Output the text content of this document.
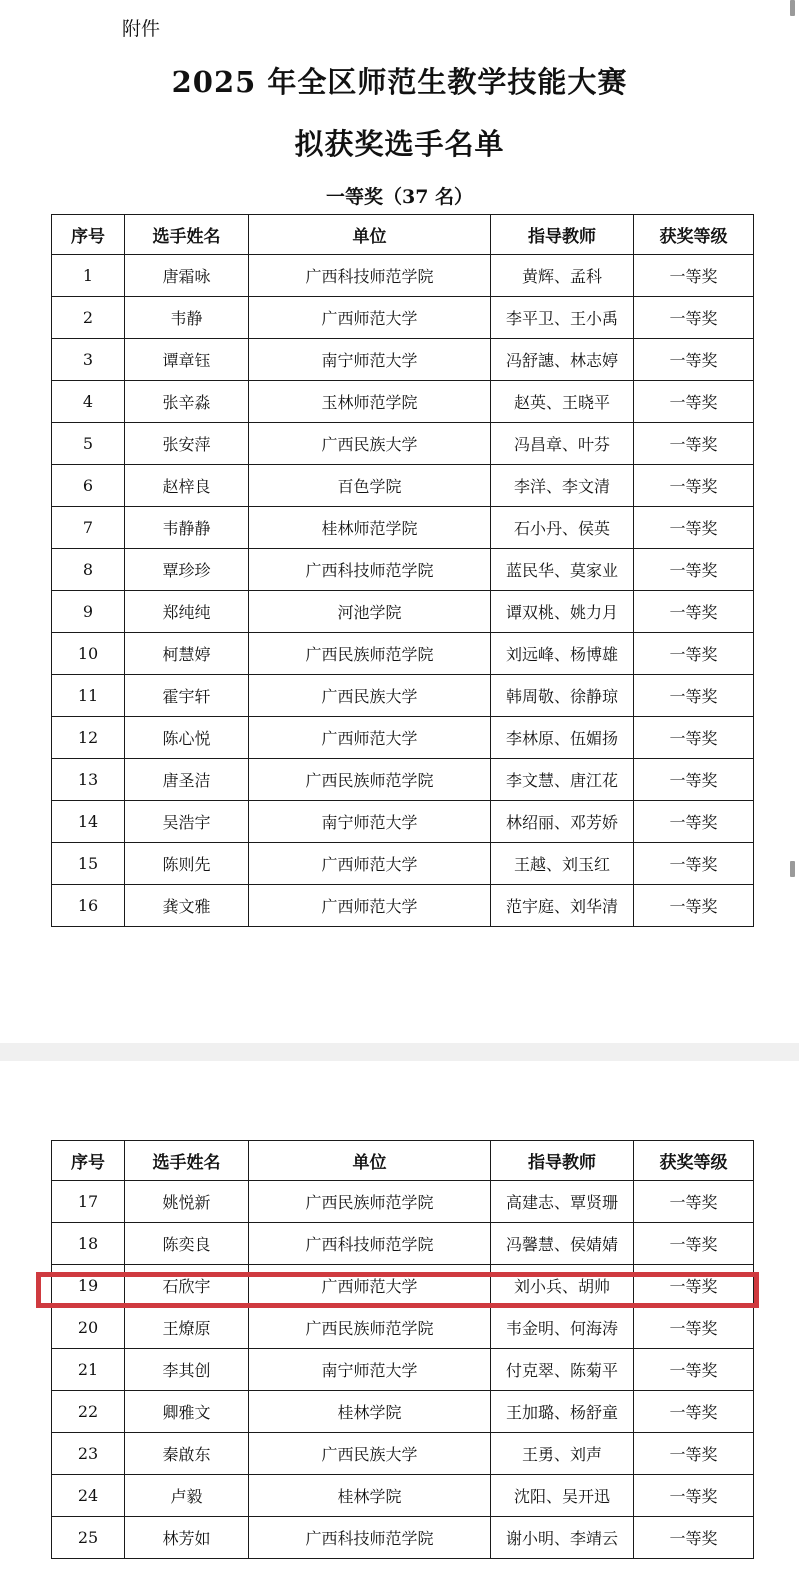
附件
2025 年全区师范生教学技能大赛
拟获奖选手名单
一等奖（37 名）
序号	选手姓名	单位	指导教师	获奖等级
1	唐霜咏	广西科技师范学院	黄辉、孟科	一等奖
2	韦静	广西师范大学	李平卫、王小禹	一等奖
3	谭章钰	南宁师范大学	冯舒譓、林志婷	一等奖
4	张辛淼	玉林师范学院	赵英、王晓平	一等奖
5	张安萍	广西民族大学	冯昌章、叶芬	一等奖
6	赵梓良	百色学院	李洋、李文清	一等奖
7	韦静静	桂林师范学院	石小丹、侯英	一等奖
8	覃珍珍	广西科技师范学院	蓝民华、莫家业	一等奖
9	郑纯纯	河池学院	谭双桃、姚力月	一等奖
10	柯慧婷	广西民族师范学院	刘远峰、杨博雄	一等奖
11	霍宇轩	广西民族大学	韩周敬、徐静琼	一等奖
12	陈心悦	广西师范大学	李林原、伍媚扬	一等奖
13	唐圣洁	广西民族师范学院	李文慧、唐江花	一等奖
14	吴浩宇	南宁师范大学	林绍丽、邓芳娇	一等奖
15	陈则先	广西师范大学	王越、刘玉红	一等奖
16	龚文雅	广西师范大学	范宇庭、刘华清	一等奖
序号	选手姓名	单位	指导教师	获奖等级
17	姚悦新	广西民族师范学院	高建志、覃贤珊	一等奖
18	陈奕良	广西科技师范学院	冯馨慧、侯婧婧	一等奖
19	石欣宇	广西师范大学	刘小兵、胡帅	一等奖
20	王燎原	广西民族师范学院	韦金明、何海涛	一等奖
21	李其创	南宁师范大学	付克翠、陈菊平	一等奖
22	卿雅文	桂林学院	王加璐、杨舒童	一等奖
23	秦啟东	广西民族大学	王勇、刘声	一等奖
24	卢毅	桂林学院	沈阳、吴开迅	一等奖
25	林芳如	广西科技师范学院	谢小明、李靖云	一等奖
